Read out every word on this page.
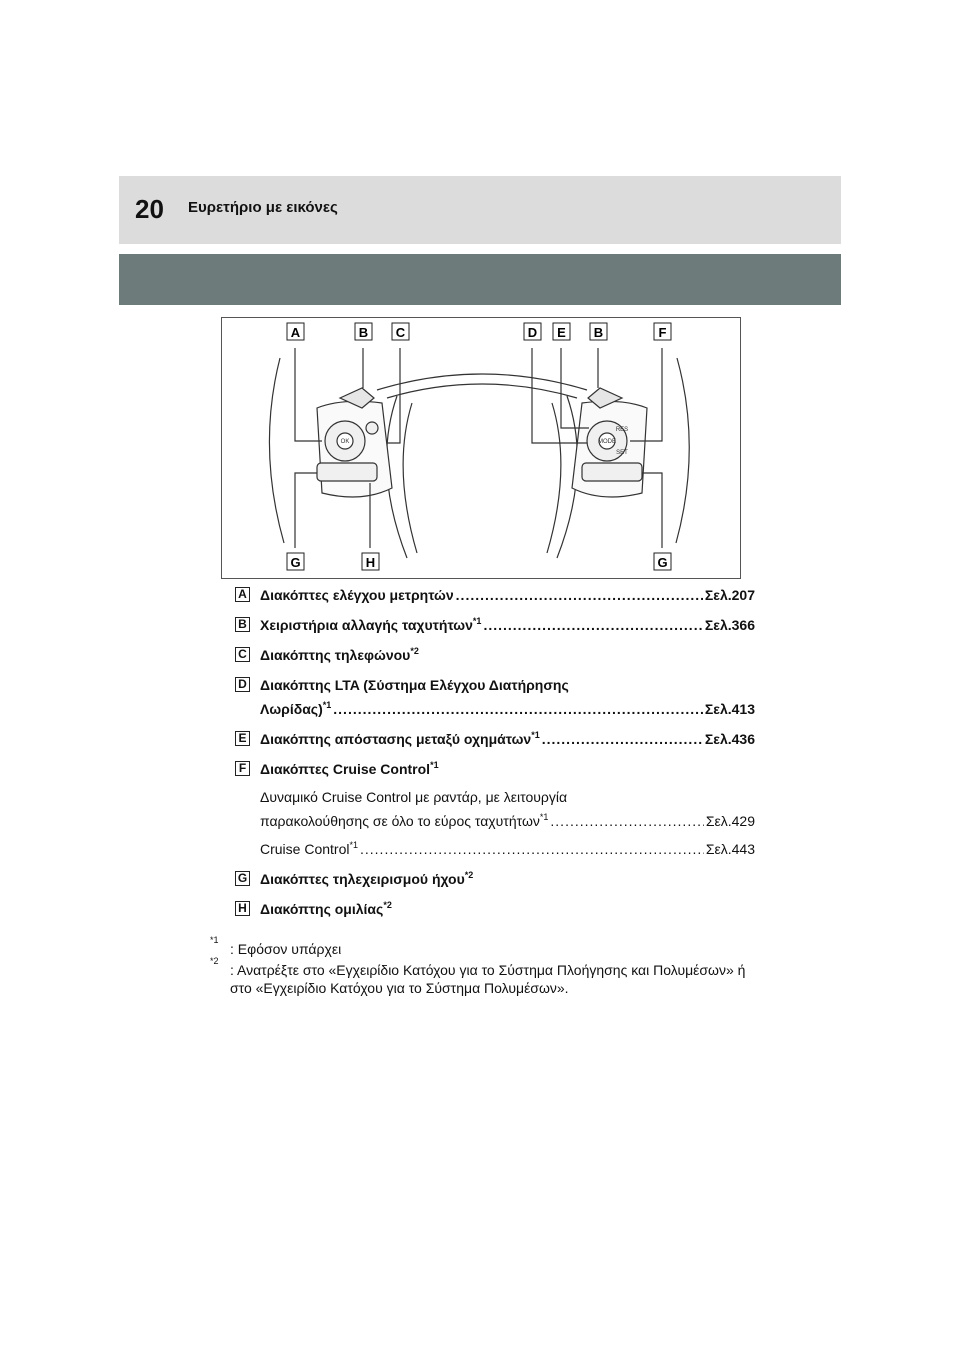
20 Ευρετήριο με εικόνες
OK	MODE
RES
SET
A	B C	D E B	F
G	H	G
A Διακόπτες ελέγχου μετρητών .....	Σελ.207
B Χειριστήρια αλλαγής ταχυτήτων$^{*1}$ .....	Σελ.366
C Διακόπτης τηλεφώνου$^{*2}$
D Διακόπτης LTA (Σύστημα Ελέγχου Διατήρησης
Λωρίδας)$^{*1}$ .....	Σελ.413
E Διακόπτης απόστασης μεταξύ οχημάτων$^{*1}$ .....	Σελ.436
F Διακόπτες Cruise Control$^{*1}$
Δυναμικό Cruise Control με ραντάρ, με λειτουργία
παρακολούθησης σε όλο το εύρος ταχυτήτων$^{*1}$ .....	Σελ.429
Cruise Control$^{*1}$ .....	Σελ.443
G Διακόπτες τηλεχειρισμού ήχου$^{*2}$
H Διακόπτης ομιλίας$^{*2}$
*1
: Εφόσον υπάρχει
*2
: Ανατρέξτε στο «Εγχειρίδιο Κατόχου για το Σύστημα Πλοήγησης και Πολυμέσων» ή στο «Εγχειρίδιο Κατόχου για το Σύστημα Πολυμέσων».
